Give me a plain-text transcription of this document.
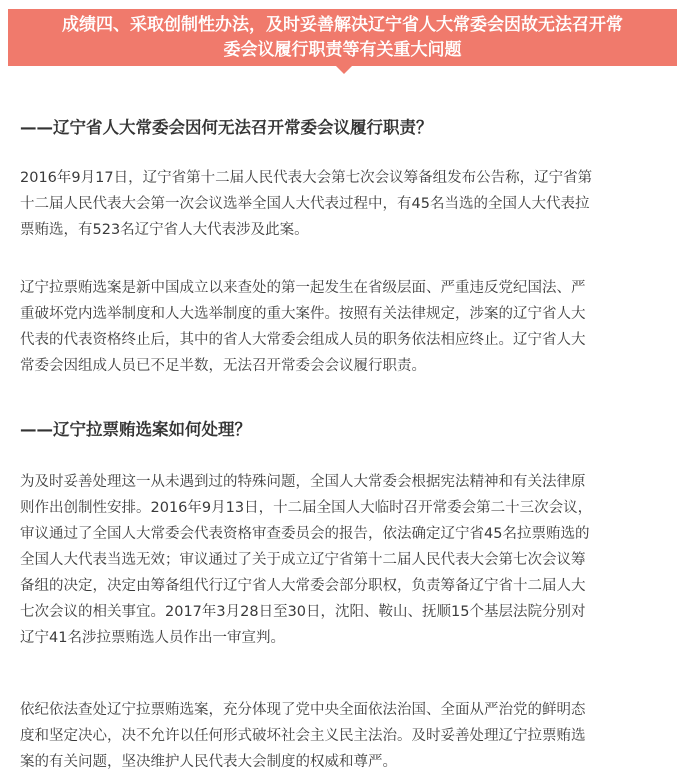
成绩四、采取创制性办法，及时妥善解决辽宁省人大常委会因故无法召开常
委会议履行职责等有关重大问题
——辽宁省人大常委会因何无法召开常委会议履行职责？
2016年9月17日，辽宁省第十二届人民代表大会第七次会议筹备组发布公告称，辽宁省第
十二届人民代表大会第一次会议选举全国人大代表过程中，有45名当选的全国人大代表拉
票贿选，有523名辽宁省人大代表涉及此案。
辽宁拉票贿选案是新中国成立以来查处的第一起发生在省级层面、严重违反党纪国法、严
重破坏党内选举制度和人大选举制度的重大案件。按照有关法律规定，涉案的辽宁省人大
代表的代表资格终止后，其中的省人大常委会组成人员的职务依法相应终止。辽宁省人大
常委会因组成人员已不足半数，无法召开常委会会议履行职责。
——辽宁拉票贿选案如何处理？
为及时妥善处理这一从未遇到过的特殊问题，全国人大常委会根据宪法精神和有关法律原
则作出创制性安排。2016年9月13日，十二届全国人大临时召开常委会第二十三次会议，
审议通过了全国人大常委会代表资格审查委员会的报告，依法确定辽宁省45名拉票贿选的
全国人大代表当选无效；审议通过了关于成立辽宁省第十二届人民代表大会第七次会议筹
备组的决定，决定由筹备组代行辽宁省人大常委会部分职权，负责筹备辽宁省十二届人大
七次会议的相关事宜。2017年3月28日至30日，沈阳、鞍山、抚顺15个基层法院分别对
辽宁41名涉拉票贿选人员作出一审宣判。
依纪依法查处辽宁拉票贿选案，充分体现了党中央全面依法治国、全面从严治党的鲜明态
度和坚定决心，决不允许以任何形式破坏社会主义民主法治。及时妥善处理辽宁拉票贿选
案的有关问题，坚决维护人民代表大会制度的权威和尊严。
